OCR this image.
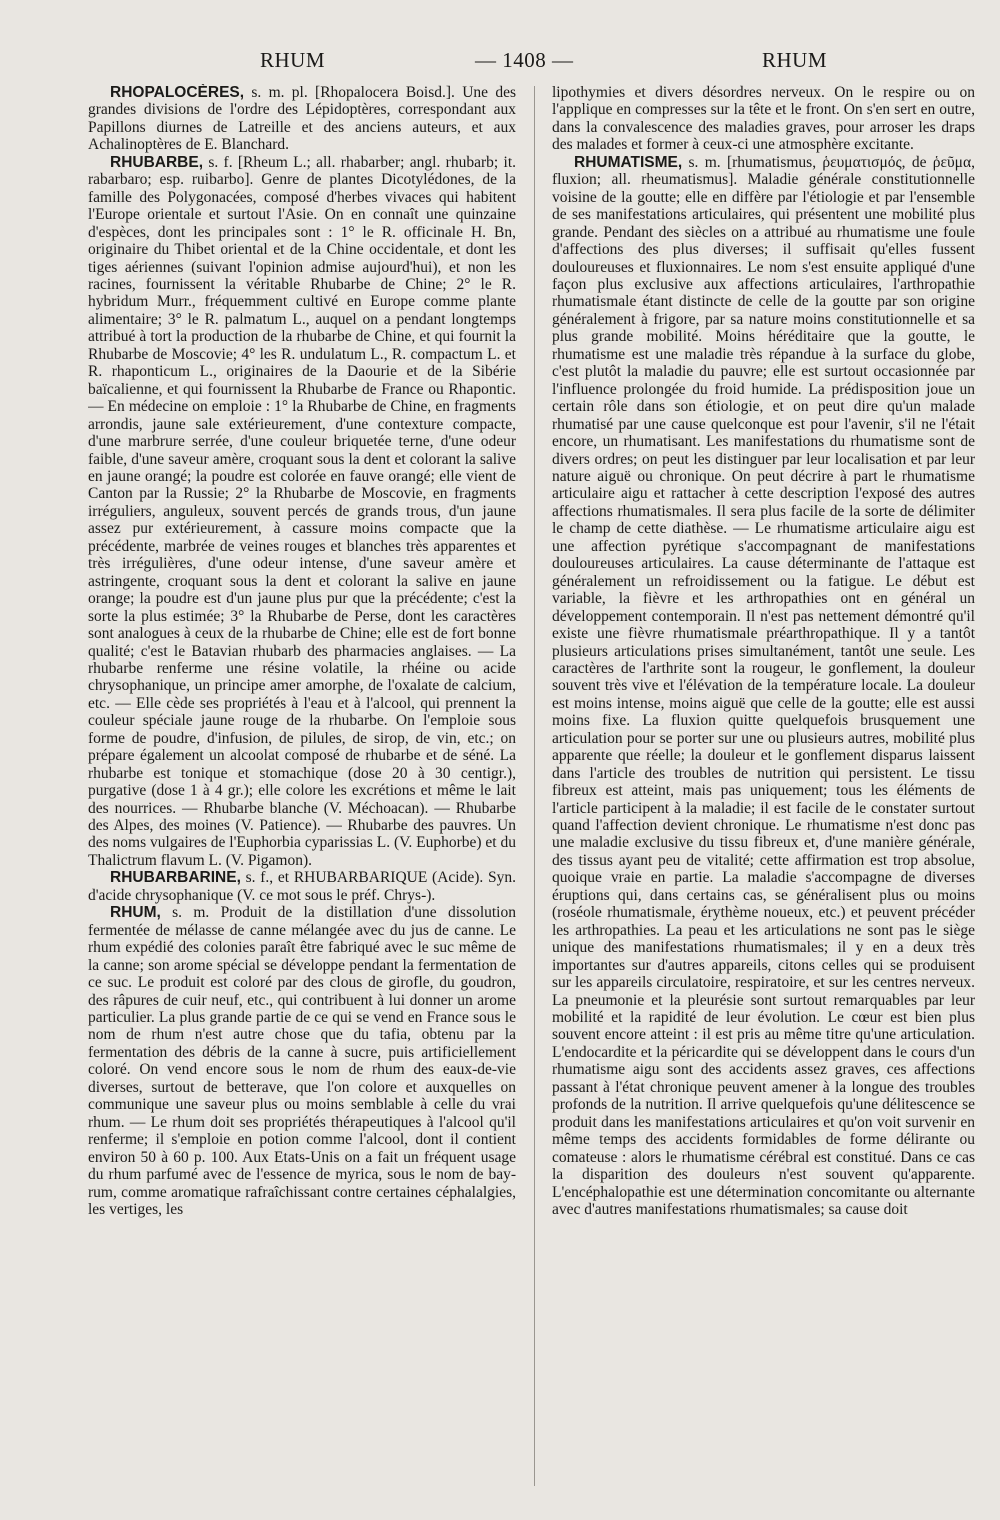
RHUM	— 1408 —	RHUM

RHOPALOCÈRES, s. m. pl. [Rhopalocera Boisd.]. Une des grandes divisions de l'ordre des Lépidoptères, correspondant aux Papillons diurnes de Latreille et des anciens auteurs, et aux Achalinoptères de E. Blanchard.

RHUBARBE, s. f. [Rheum L.; all. rhabarber; angl. rhubarb; it. rabarbaro; esp. ruibarbo]. Genre de plantes Dicotylédones, de la famille des Polygonacées, composé d'herbes vivaces qui habitent l'Europe orientale et surtout l'Asie. On en connaît une quinzaine d'espèces, dont les principales sont : 1° le R. officinale H. Bn, originaire du Thibet oriental et de la Chine occidentale, et dont les tiges aériennes (suivant l'opinion admise aujourd'hui), et non les racines, fournissent la véritable Rhubarbe de Chine; 2° le R. hybridum Murr., fréquemment cultivé en Europe comme plante alimentaire; 3° le R. palmatum L., auquel on a pendant longtemps attribué à tort la production de la rhubarbe de Chine, et qui fournit la Rhubarbe de Moscovie; 4° les R. undulatum L., R. compactum L. et R. rhaponticum L., originaires de la Daourie et de la Sibérie baïcalienne, et qui fournissent la Rhubarbe de France ou Rhapontic. — En médecine on emploie : 1° la Rhubarbe de Chine, en fragments arrondis, jaune sale extérieurement, d'une contexture compacte, d'une marbrure serrée, d'une couleur briquetée terne, d'une odeur faible, d'une saveur amère, croquant sous la dent et colorant la salive en jaune orangé; la poudre est colorée en fauve orangé; elle vient de Canton par la Russie; 2° la Rhubarbe de Moscovie, en fragments irréguliers, anguleux, souvent percés de grands trous, d'un jaune assez pur extérieurement, à cassure moins compacte que la précédente, marbrée de veines rouges et blanches très apparentes et très irrégulières, d'une odeur intense, d'une saveur amère et astringente, croquant sous la dent et colorant la salive en jaune orange; la poudre est d'un jaune plus pur que la précédente; c'est la sorte la plus estimée; 3° la Rhubarbe de Perse, dont les caractères sont analogues à ceux de la rhubarbe de Chine; elle est de fort bonne qualité; c'est le Batavian rhubarb des pharmacies anglaises. — La rhubarbe renferme une résine volatile, la rhéine ou acide chrysophanique, un principe amer amorphe, de l'oxalate de calcium, etc. — Elle cède ses propriétés à l'eau et à l'alcool, qui prennent la couleur spéciale jaune rouge de la rhubarbe. On l'emploie sous forme de poudre, d'infusion, de pilules, de sirop, de vin, etc.; on prépare également un alcoolat composé de rhubarbe et de séné. La rhubarbe est tonique et stomachique (dose 20 à 30 centigr.), purgative (dose 1 à 4 gr.); elle colore les excrétions et même le lait des nourrices. — Rhubarbe blanche (V. Méchoacan). — Rhubarbe des Alpes, des moines (V. Patience). — Rhubarbe des pauvres. Un des noms vulgaires de l'Euphorbia cyparissias L. (V. Euphorbe) et du Thalictrum flavum L. (V. Pigamon).

RHUBARBARINE, s. f., et RHUBARBARIQUE (Acide). Syn. d'acide chrysophanique (V. ce mot sous le préf. Chrys-).

RHUM, s. m. Produit de la distillation d'une dissolution fermentée de mélasse de canne mélangée avec du jus de canne. Le rhum expédié des colonies paraît être fabriqué avec le suc même de la canne; son arome spécial se développe pendant la fermentation de ce suc. Le produit est coloré par des clous de girofle, du goudron, des râpures de cuir neuf, etc., qui contribuent à lui donner un arome particulier. La plus grande partie de ce qui se vend en France sous le nom de rhum n'est autre chose que du tafia, obtenu par la fermentation des débris de la canne à sucre, puis artificiellement coloré. On vend encore sous le nom de rhum des eaux-de-vie diverses, surtout de betterave, que l'on colore et auxquelles on communique une saveur plus ou moins semblable à celle du vrai rhum. — Le rhum doit ses propriétés thérapeutiques à l'alcool qu'il renferme; il s'emploie en potion comme l'alcool, dont il contient environ 50 à 60 p. 100. Aux Etats-Unis on a fait un fréquent usage du rhum parfumé avec de l'essence de myrica, sous le nom de bay-rum, comme aromatique rafraîchissant contre certaines céphalalgies, les vertiges, les

lipothymies et divers désordres nerveux. On le respire ou on l'applique en compresses sur la tête et le front. On s'en sert en outre, dans la convalescence des maladies graves, pour arroser les draps des malades et former à ceux-ci une atmosphère excitante.

RHUMATISME, s. m. [rhumatismus, ῥευματισμός, de ῥεῦμα, fluxion; all. rheumatismus]. Maladie générale constitutionnelle voisine de la goutte; elle en diffère par l'étiologie et par l'ensemble de ses manifestations articulaires, qui présentent une mobilité plus grande. Pendant des siècles on a attribué au rhumatisme une foule d'affections des plus diverses; il suffisait qu'elles fussent douloureuses et fluxionnaires. Le nom s'est ensuite appliqué d'une façon plus exclusive aux affections articulaires, l'arthropathie rhumatismale étant distincte de celle de la goutte par son origine généralement à frigore, par sa nature moins constitutionnelle et sa plus grande mobilité. Moins héréditaire que la goutte, le rhumatisme est une maladie très répandue à la surface du globe, c'est plutôt la maladie du pauvre; elle est surtout occasionnée par l'influence prolongée du froid humide. La prédisposition joue un certain rôle dans son étiologie, et on peut dire qu'un malade rhumatisé par une cause quelconque est pour l'avenir, s'il ne l'était encore, un rhumatisant. Les manifestations du rhumatisme sont de divers ordres; on peut les distinguer par leur localisation et par leur nature aiguë ou chronique. On peut décrire à part le rhumatisme articulaire aigu et rattacher à cette description l'exposé des autres affections rhumatismales. Il sera plus facile de la sorte de délimiter le champ de cette diathèse. — Le rhumatisme articulaire aigu est une affection pyrétique s'accompagnant de manifestations douloureuses articulaires. La cause déterminante de l'attaque est généralement un refroidissement ou la fatigue. Le début est variable, la fièvre et les arthropathies ont en général un développement contemporain. Il n'est pas nettement démontré qu'il existe une fièvre rhumatismale préarthropathique. Il y a tantôt plusieurs articulations prises simultanément, tantôt une seule. Les caractères de l'arthrite sont la rougeur, le gonflement, la douleur souvent très vive et l'élévation de la température locale. La douleur est moins intense, moins aiguë que celle de la goutte; elle est aussi moins fixe. La fluxion quitte quelquefois brusquement une articulation pour se porter sur une ou plusieurs autres, mobilité plus apparente que réelle; la douleur et le gonflement disparus laissent dans l'article des troubles de nutrition qui persistent. Le tissu fibreux est atteint, mais pas uniquement; tous les éléments de l'article participent à la maladie; il est facile de le constater surtout quand l'affection devient chronique. Le rhumatisme n'est donc pas une maladie exclusive du tissu fibreux et, d'une manière générale, des tissus ayant peu de vitalité; cette affirmation est trop absolue, quoique vraie en partie. La maladie s'accompagne de diverses éruptions qui, dans certains cas, se généralisent plus ou moins (roséole rhumatismale, érythème noueux, etc.) et peuvent précéder les arthropathies. La peau et les articulations ne sont pas le siège unique des manifestations rhumatismales; il y en a deux très importantes sur d'autres appareils, citons celles qui se produisent sur les appareils circulatoire, respiratoire, et sur les centres nerveux. La pneumonie et la pleurésie sont surtout remarquables par leur mobilité et la rapidité de leur évolution. Le cœur est bien plus souvent encore atteint : il est pris au même titre qu'une articulation. L'endocardite et la péricardite qui se développent dans le cours d'un rhumatisme aigu sont des accidents assez graves, ces affections passant à l'état chronique peuvent amener à la longue des troubles profonds de la nutrition. Il arrive quelquefois qu'une délitescence se produit dans les manifestations articulaires et qu'on voit survenir en même temps des accidents formidables de forme délirante ou comateuse : alors le rhumatisme cérébral est constitué. Dans ce cas la disparition des douleurs n'est souvent qu'apparente. L'encéphalopathie est une détermination concomitante ou alternante avec d'autres manifestations rhumatismales; sa cause doit
